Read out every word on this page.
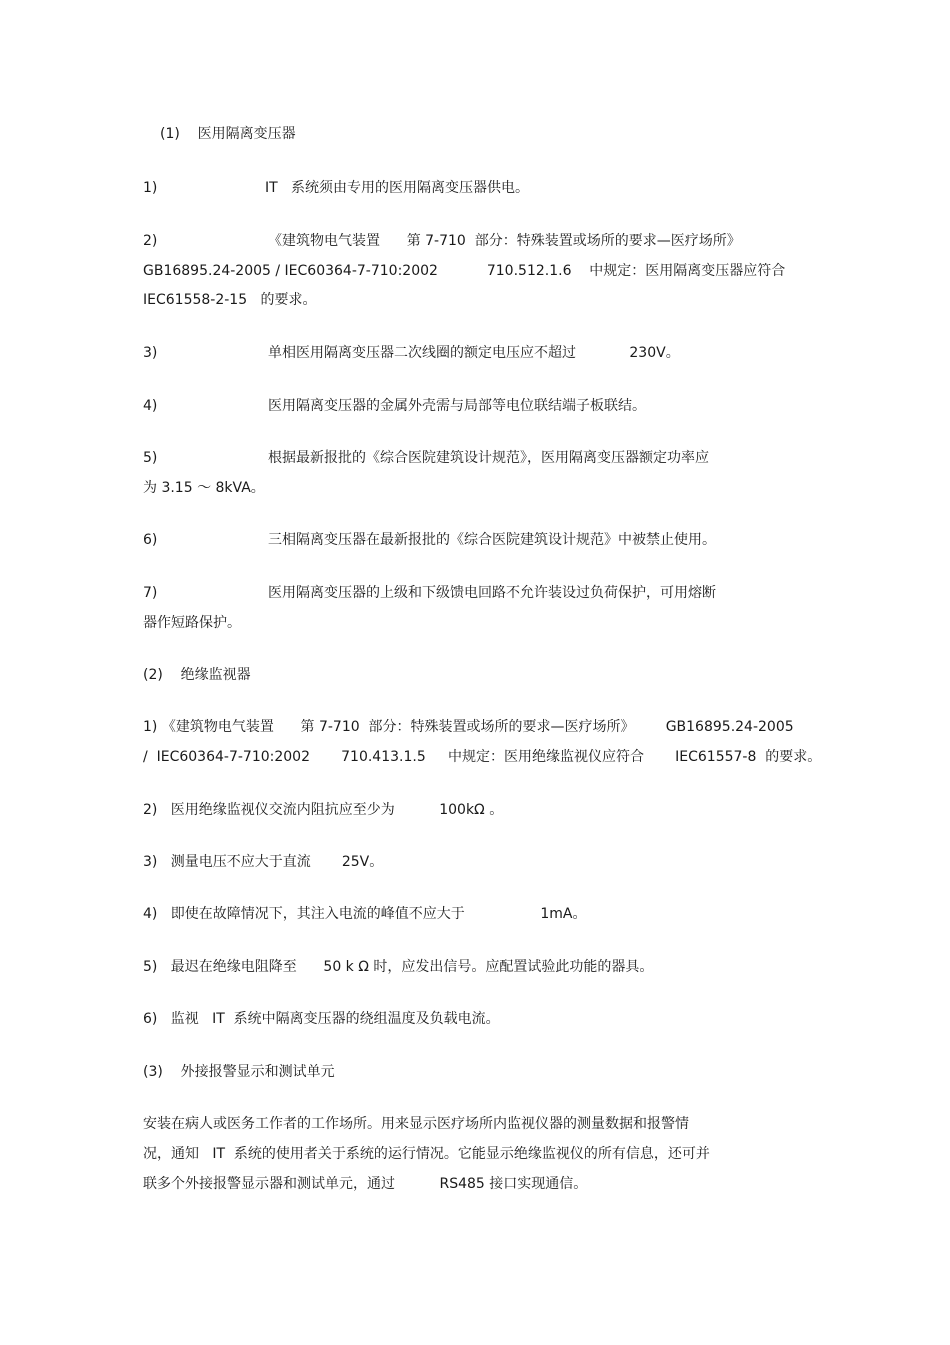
(1)    医用隔离变压器
1)	IT   系统须由专用的医用隔离变压器供电。
2)	《建筑物电气装置      第 7-710  部分：特殊装置或场所的要求—医疗场所》
GB16895.24-2005 / IEC60364-7-710:2002           710.512.1.6    中规定：医用隔离变压器应符合
IEC61558-2-15   的要求。
3)	单相医用隔离变压器二次线圈的额定电压应不超过            230V。
4)	医用隔离变压器的金属外壳需与局部等电位联结端子板联结。
5)	根据最新报批的《综合医院建筑设计规范》，医用隔离变压器额定功率应
为 3.15 ～ 8kVA。
6)	三相隔离变压器在最新报批的《综合医院建筑设计规范》中被禁止使用。
7)	医用隔离变压器的上级和下级馈电回路不允许装设过负荷保护，可用熔断
器作短路保护。
(2)    绝缘监视器
1) 《建筑物电气装置      第 7-710  部分：特殊装置或场所的要求—医疗场所》       GB16895.24-2005
/  IEC60364-7-710:2002       710.413.1.5     中规定：医用绝缘监视仪应符合       IEC61557-8  的要求。
2)   医用绝缘监视仪交流内阻抗应至少为          100kΩ 。
3)   测量电压不应大于直流       25V。
4)   即使在故障情况下，其注入电流的峰值不应大于                 1mA。
5)   最迟在绝缘电阻降至      50 k Ω 时，应发出信号。应配置试验此功能的器具。
6)   监视   IT  系统中隔离变压器的绕组温度及负载电流。
(3)    外接报警显示和测试单元
安装在病人或医务工作者的工作场所。用来显示医疗场所内监视仪器的测量数据和报警情
况，通知   IT  系统的使用者关于系统的运行情况。它能显示绝缘监视仪的所有信息，还可并
联多个外接报警显示器和测试单元，通过          RS485 接口实现通信。
